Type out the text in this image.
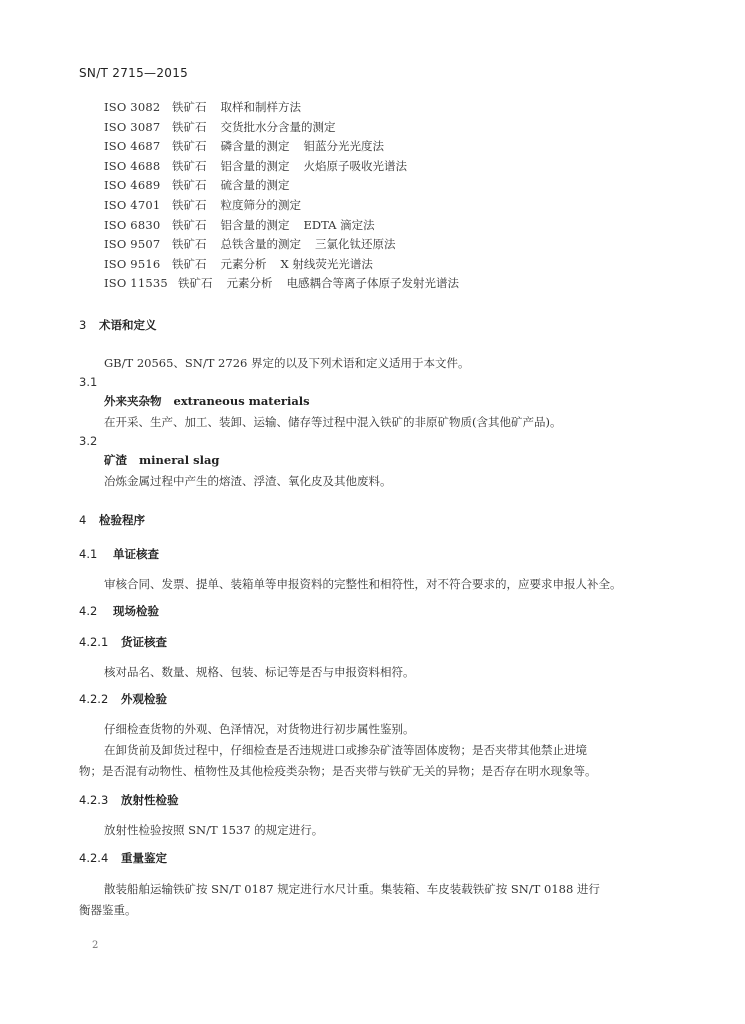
SN/T 2715—2015
ISO 3082 铁矿石 取样和制样方法
ISO 3087 铁矿石 交货批水分含量的测定
ISO 4687 铁矿石 磷含量的测定 钼蓝分光光度法
ISO 4688 铁矿石 铝含量的测定 火焰原子吸收光谱法
ISO 4689 铁矿石 硫含量的测定
ISO 4701 铁矿石 粒度筛分的测定
ISO 6830 铁矿石 铝含量的测定 EDTA 滴定法
ISO 9507 铁矿石 总铁含量的测定 三氯化钛还原法
ISO 9516 铁矿石 元素分析 X 射线荧光光谱法
ISO 11535 铁矿石 元素分析 电感耦合等离子体原子发射光谱法
3 术语和定义
GB/T 20565、SN/T 2726 界定的以及下列术语和定义适用于本文件。
3.1
外来夹杂物 extraneous materials
在开采、生产、加工、装卸、运输、储存等过程中混入铁矿的非原矿物质(含其他矿产品)。
3.2
矿渣 mineral slag
冶炼金属过程中产生的熔渣、浮渣、氧化皮及其他废料。
4 检验程序
4.1 单证核查
审核合同、发票、提单、装箱单等申报资料的完整性和相符性，对不符合要求的，应要求申报人补全。
4.2 现场检验
4.2.1 货证核查
核对品名、数量、规格、包装、标记等是否与申报资料相符。
4.2.2 外观检验
仔细检查货物的外观、色泽情况，对货物进行初步属性鉴别。
在卸货前及卸货过程中，仔细检查是否违规进口或掺杂矿渣等固体废物；是否夹带其他禁止进境
物；是否混有动物性、植物性及其他检疫类杂物；是否夹带与铁矿无关的异物；是否存在明水现象等。
4.2.3 放射性检验
放射性检验按照 SN/T 1537 的规定进行。
4.2.4 重量鉴定
散装船舶运输铁矿按 SN/T 0187 规定进行水尺计重。集装箱、车皮装载铁矿按 SN/T 0188 进行
衡器鉴重。
2
